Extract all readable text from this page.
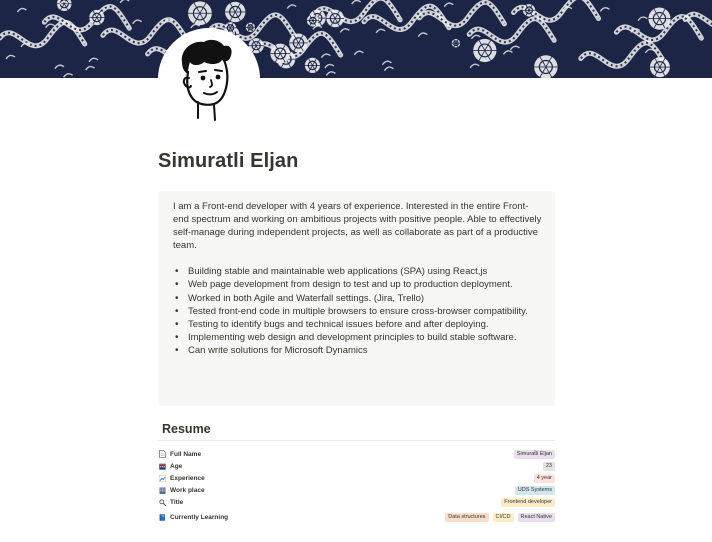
Simuratli Eljan

I am a Front-end developer with 4 years of experience. Interested in the entire Front-end spectrum and working on ambitious projects with positive people. Able to effectively self-manage during independent projects, as well as collaborate as part of a productive team.

• Building stable and maintainable web applications (SPA) using React,js
• Web page development from design to test and up to production deployment.
• Worked in both Agile and Waterfall settings. (Jira, Trello)
• Tested front-end code in multiple browsers to ensure cross-browser compatibility.
• Testing to identify bugs and technical issues before and after deploying.
• Implementing web design and development principles to build stable software.
• Can write solutions for Microsoft Dynamics
Resume
Full Name	Simuraẗli Eljan
Age	23
Experience	4 year
Work place	UDS Systems
Title	Frontend developer
Currently Learning	Data structures	CI/CD	React Native
